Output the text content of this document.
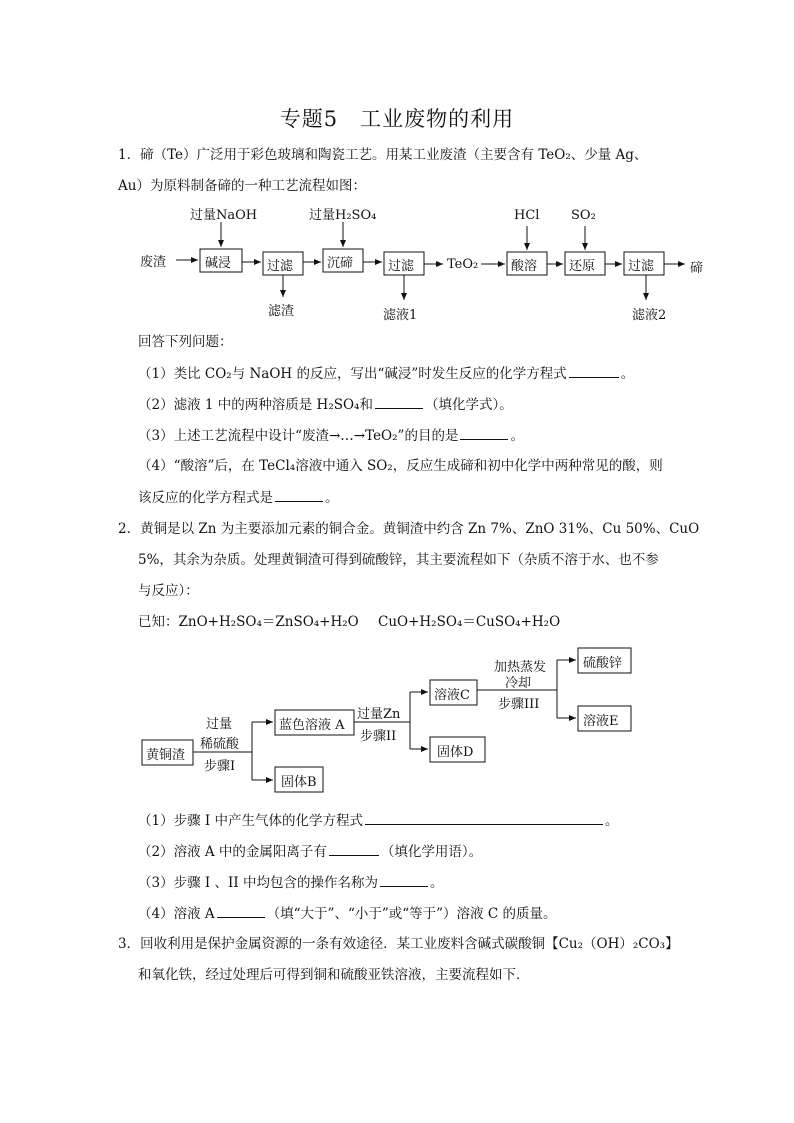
专题5　工业废物的利用
1．碲（Te）广泛用于彩色玻璃和陶瓷工艺。用某工业废渣（主要含有 TeO₂、少量 Ag、
Au）为原料制备碲的一种工艺流程如图：
废渣
过量NaOH	过量H₂SO₄	HCl SO₂
碱浸	过滤	沉碲	过滤	TeO₂	酸溶 还原	过滤	碲
滤渣	滤液1	滤液2
回答下列问题：
（1）类比 CO₂与 NaOH 的反应，写出“碱浸”时发生反应的化学方程式	。
（2）滤液 1 中的两种溶质是 H₂SO₄和	（填化学式）。
（3）上述工艺流程中设计“废渣→…→TeO₂”的目的是	。
（4）“酸溶”后，在 TeCl₄溶液中通入 SO₂，反应生成碲和初中化学中两种常见的酸，则
该反应的化学方程式是	。
2．黄铜是以 Zn 为主要添加元素的铜合金。黄铜渣中约含 Zn 7%、ZnO 31%、Cu 50%、CuO
5%，其余为杂质。处理黄铜渣可得到硫酸锌，其主要流程如下（杂质不溶于水、也不参
与反应）：
已知：ZnO+H₂SO₄＝ZnSO₄+H₂O CuO+H₂SO₄＝CuSO₄+H₂O
黄铜渣
过量
稀硫酸
步骤I
蓝色溶液 A
固体B
过量Zn
步骤II
溶液C
固体D
加热蒸发
冷却
步骤III
硫酸锌
溶液E
（1）步骤 I 中产生气体的化学方程式	。
（2）溶液 A 中的金属阳离子有	（填化学用语）。
（3）步骤 I 、II 中均包含的操作名称为	。
（4）溶液 A	（填“大于”、“小于”或“等于”）溶液 C 的质量。
3．回收利用是保护金属资源的一条有效途径．某工业废料含碱式碳酸铜【Cu₂（OH）₂CO₃】
和氧化铁，经过处理后可得到铜和硫酸亚铁溶液，主要流程如下．
